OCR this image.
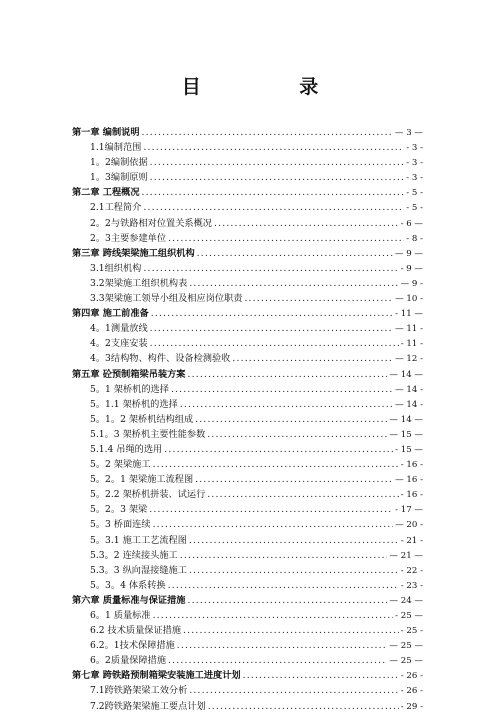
目 录
第一章 编制说明 .....	— 3 —
1.1编制范围 .....	- 3 -
1。2编制依据 .....	- 3 -
1。3编制原则 .....	- 3 -
第二章 工程概况 .....	- 5 -
2.1工程简介 .....	- 5 -
2。2与铁路相对位置关系概况 .....	- 6 —
2。3主要参建单位 .....	- 8 -
第三章 跨线架梁施工组织机构 .....	— 9 —
3.1组织机构 .....	- 9 —
3.2架梁施工组织机构表 .....	— 9 -
3.3架梁施工领导小组及相应岗位职责 .....	— 10 -
第四章 施工前准备 .....	- 11 —
4。1测量放线 .....	— 11 -
4。2支座安装 .....	- 11 -
4。3结构物、构件、设备检测验收 .....	— 12 -
第五章 砼预制箱梁吊装方案 .....	— 14 —
5。1 架桥机的选择 .....	— 14 -
5。1.1 架桥机的选择 .....	— 14 -
5。1。2 架桥机结构组成 .....	— 14 —
5.1。3 架桥机主要性能参数 .....	— 15 —
5.1.4 吊绳的选用 .....	- 15 —
5。2 架梁施工 .....	- 16 -
5。2。1 架梁施工流程图 .....	— 16 -
5。2.2 架桥机拼装、试运行 .....	- 16 -
5。2。3 架梁 .....	- 17 —
5。3 桥面连续 .....	— 20 -
5。3.1 施工工艺流程图 .....	- 21 -
5.3。2 连续接头施工 .....	— 21 —
5.3。3 纵向湿接缝施工 .....	- 22 -
5。3。4 体系转换 .....	- 23 -
第六章 质量标准与保证措施 .....	— 24 —
6。1 质量标准 .....	- 25 —
6.2 技术质量保证措施 .....	- 25 -
6.2。1技术保障措施 .....	— 25 —
6。2质量保障措施 .....	— 25 —
第七章 跨铁路预制箱梁安装施工进度计划 .....	- 26 -
7.1跨铁路架梁工效分析 .....	- 26 -
7.2跨铁路架梁施工要点计划 .....	- 29 -
